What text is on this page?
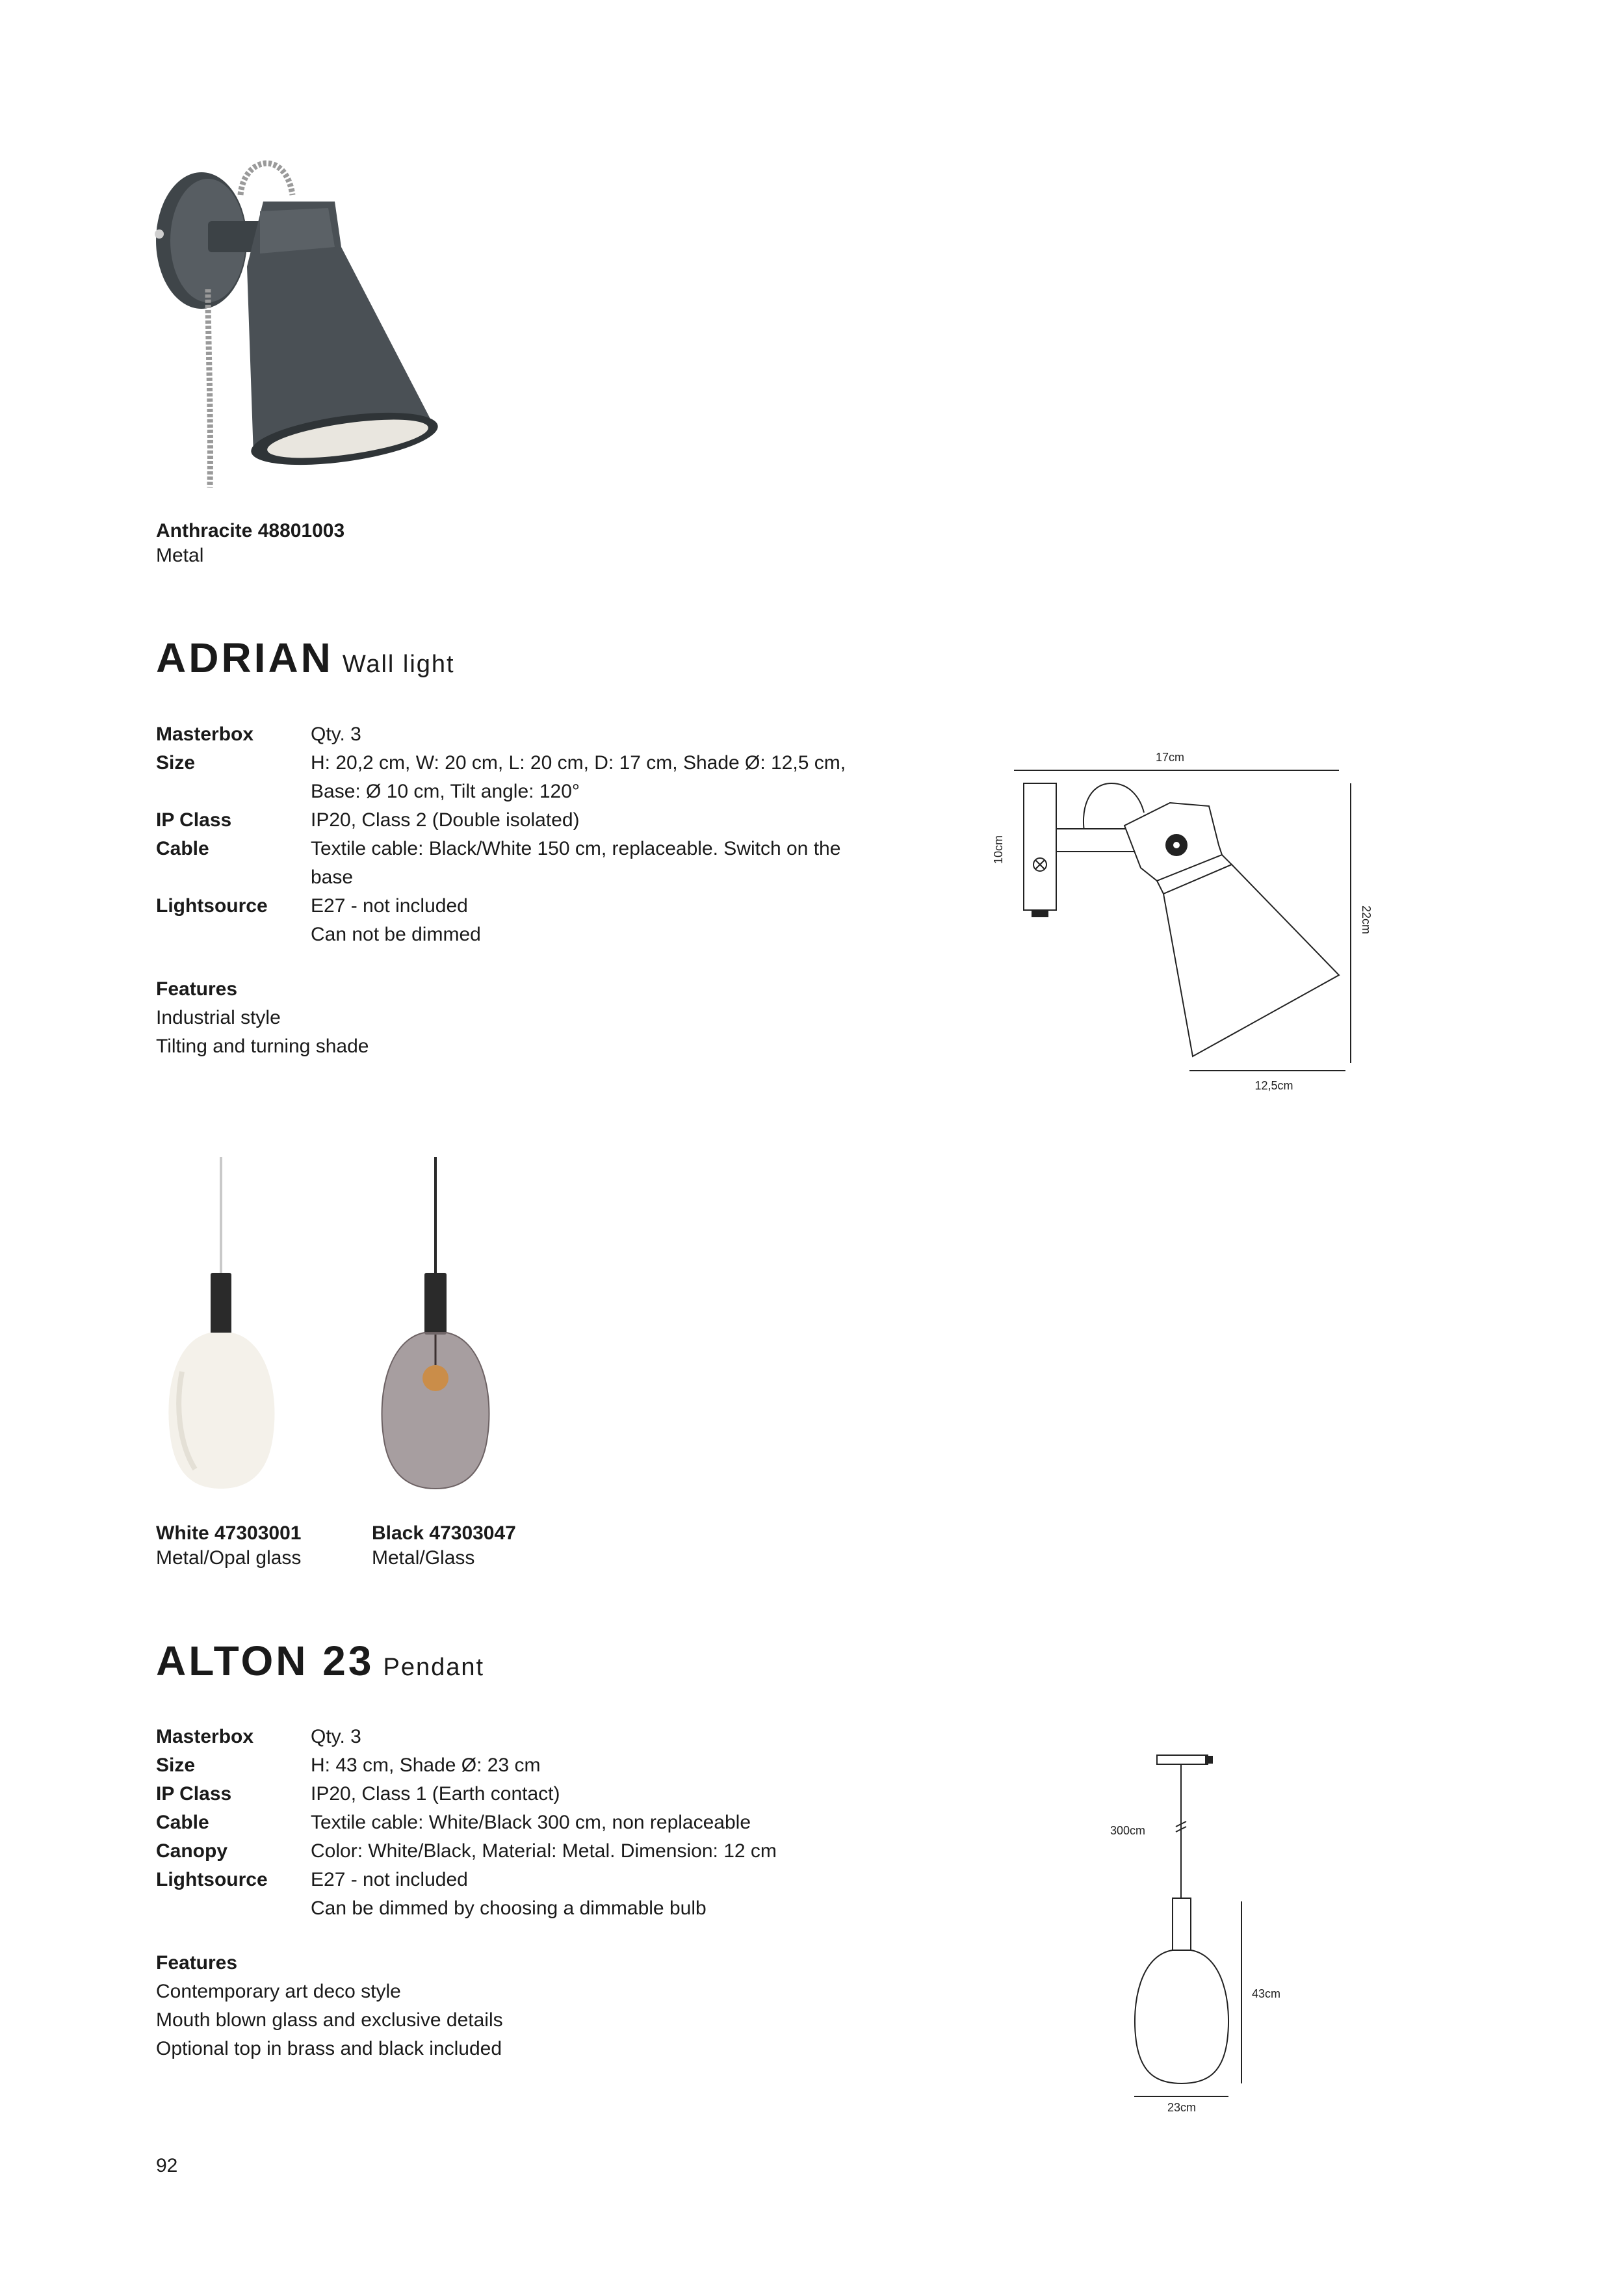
Anthracite 48801003
Metal
ADRIAN Wall light
Masterbox	Qty. 3
Size	H: 20,2 cm, W: 20 cm, L: 20 cm, D: 17 cm, Shade Ø: 12,5 cm, Base: Ø 10 cm, Tilt angle: 120°
IP Class	IP20, Class 2 (Double isolated)
Cable	Textile cable: Black/White 150 cm, replaceable. Switch on the base
Lightsource	E27 - not included
	Can not be dimmed
Features
Industrial style
Tilting and turning shade
17cm
10cm
22cm
12,5cm
White 47303001
Metal/Opal glass
Black 47303047
Metal/Glass
ALTON 23 Pendant
Masterbox	Qty. 3
Size	H: 43 cm, Shade Ø: 23 cm
IP Class	IP20, Class 1 (Earth contact)
Cable	Textile cable: White/Black 300 cm, non replaceable
Canopy	Color: White/Black, Material: Metal. Dimension: 12 cm
Lightsource	E27 - not included
	Can be dimmed by choosing a dimmable bulb
Features
Contemporary art deco style
Mouth blown glass and exclusive details
Optional top in brass and black included
300cm
43cm
23cm
92
